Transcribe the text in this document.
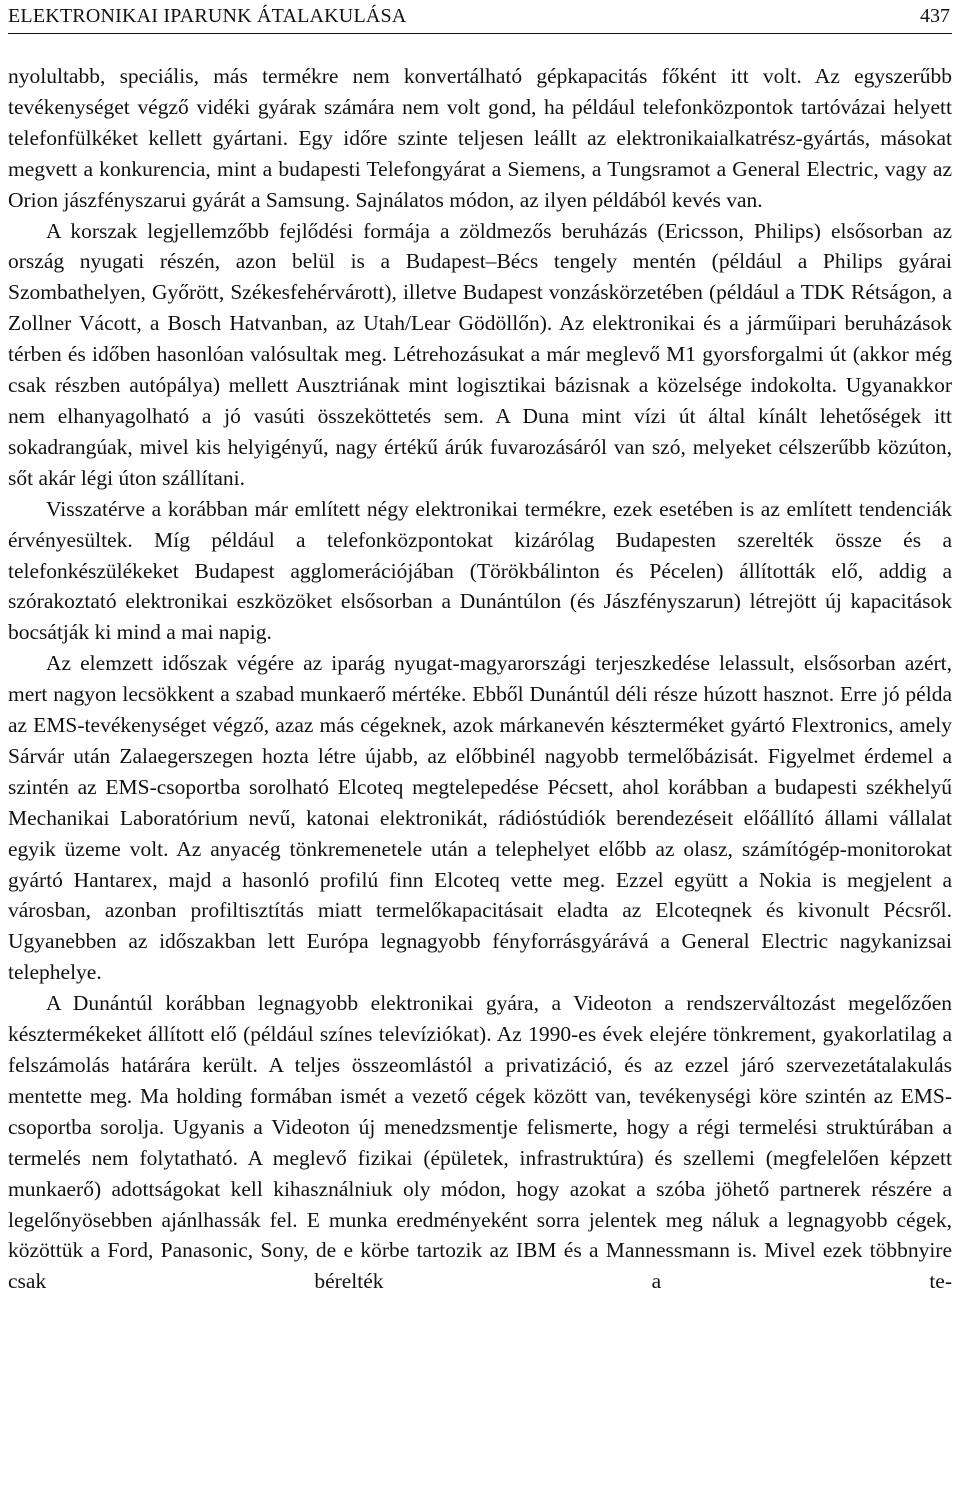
ELEKTRONIKAI IPARUNK ÁTALAKULÁSA	437

nyolultabb, speciális, más termékre nem konvertálható gépkapacitás főként itt volt. Az egyszerűbb tevékenységet végző vidéki gyárak számára nem volt gond, ha például telefonközpontok tartóvázai helyett telefonfülkéket kellett gyártani. Egy időre szinte teljesen leállt az elektronikaialkatrész-gyártás, másokat megvett a konkurencia, mint a budapesti Telefongyárat a Siemens, a Tungsramot a General Electric, vagy az Orion jászfényszarui gyárát a Samsung. Sajnálatos módon, az ilyen példából kevés van.

A korszak legjellemzőbb fejlődési formája a zöldmezős beruházás (Ericsson, Philips) elsősorban az ország nyugati részén, azon belül is a Budapest–Bécs tengely mentén (például a Philips gyárai Szombathelyen, Győrött, Székesfehérvárott), illetve Budapest vonzáskörzetében (például a TDK Rétságon, a Zollner Vácott, a Bosch Hatvanban, az Utah/Lear Gödöllőn). Az elektronikai és a járműipari beruházások térben és időben hasonlóan valósultak meg. Létrehozásukat a már meglevő M1 gyorsforgalmi út (akkor még csak részben autópálya) mellett Ausztriának mint logisztikai bázisnak a közelsége indokolta. Ugyanakkor nem elhanyagolható a jó vasúti összeköttetés sem. A Duna mint vízi út által kínált lehetőségek itt sokadrangúak, mivel kis helyigényű, nagy értékű árúk fuvarozásáról van szó, melyeket célszerűbb közúton, sőt akár légi úton szállítani.

Visszatérve a korábban már említett négy elektronikai termékre, ezek esetében is az említett tendenciák érvényesültek. Míg például a telefonközpontokat kizárólag Budapesten szerelték össze és a telefonkészülékeket Budapest agglomerációjában (Törökbálinton és Pécelen) állították elő, addig a szórakoztató elektronikai eszközöket elsősorban a Dunántúlon (és Jászfényszarun) létrejött új kapacitások bocsátják ki mind a mai napig.

Az elemzett időszak végére az iparág nyugat-magyarországi terjeszkedése lelassult, elsősorban azért, mert nagyon lecsökkent a szabad munkaerő mértéke. Ebből Dunántúl déli része húzott hasznot. Erre jó példa az EMS-tevékenységet végző, azaz más cégeknek, azok márkanevén készterméket gyártó Flextronics, amely Sárvár után Zalaegerszegen hozta létre újabb, az előbbinél nagyobb termelőbázisát. Figyelmet érdemel a szintén az EMS-csoportba sorolható Elcoteq megtelepedése Pécsett, ahol korábban a budapesti székhelyű Mechanikai Laboratórium nevű, katonai elektronikát, rádióstúdiók berendezéseit előállító állami vállalat egyik üzeme volt. Az anyacég tönkremenetele után a telephelyet előbb az olasz, számítógép-monitorokat gyártó Hantarex, majd a hasonló profilú finn Elcoteq vette meg. Ezzel együtt a Nokia is megjelent a városban, azonban profiltisztítás miatt termelőkapacitásait eladta az Elcoteqnek és kivonult Pécsről. Ugyanebben az időszakban lett Európa legnagyobb fényforrásgyárává a General Electric nagykanizsai telephelye.

A Dunántúl korábban legnagyobb elektronikai gyára, a Videoton a rendszerváltozást megelőzően késztermékeket állított elő (például színes televíziókat). Az 1990-es évek elejére tönkrement, gyakorlatilag a felszámolás határára került. A teljes összeomlástól a privatizáció, és az ezzel járó szervezetátalakulás mentette meg. Ma holding formában ismét a vezető cégek között van, tevékenységi köre szintén az EMS-csoportba sorolja. Ugyanis a Videoton új menedzsmentje felismerte, hogy a régi termelési struktúrában a termelés nem folytatható. A meglevő fizikai (épületek, infrastruktúra) és szellemi (megfelelően képzett munkaerő) adottságokat kell kihasználniuk oly módon, hogy azokat a szóba jöhető partnerek részére a legelőnyösebben ajánlhassák fel. E munka eredményeként sorra jelentek meg náluk a legnagyobb cégek, közöttük a Ford, Panasonic, Sony, de e körbe tartozik az IBM és a Mannessmann is. Mivel ezek többnyire csak bérelték a te-
